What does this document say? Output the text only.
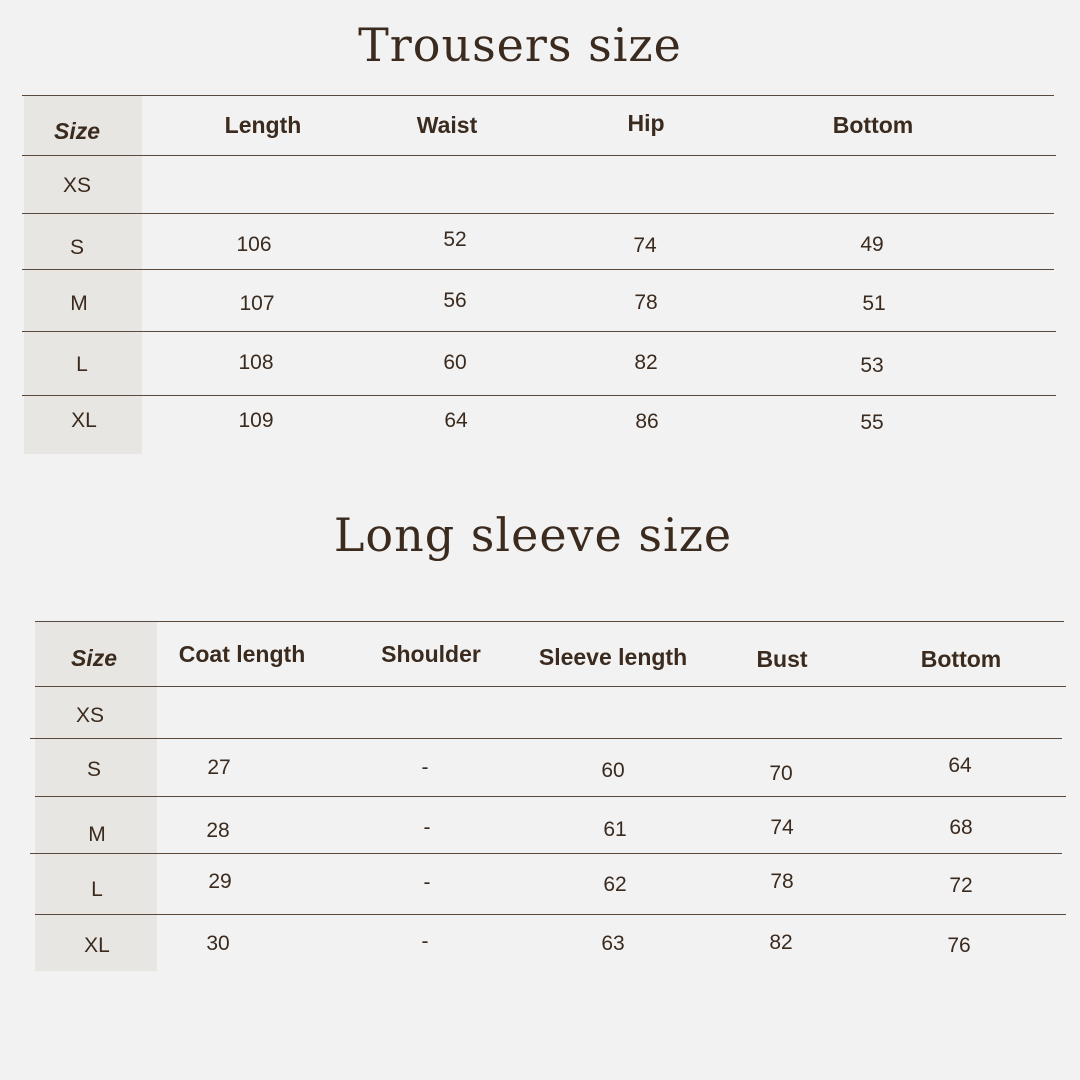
Trousers size
Size	Length	Waist	Hip	Bottom
XS
S	106	52	74	49
M	107	56	78	51
L	108	60	82	53
XL	109	64	86	55
Long sleeve size
Size	Coat length	Shoulder	Sleeve length	Bust	Bottom
XS
S	27	-	60	70	64
M	28	-	61	74	68
L	29	-	62	78	72
XL	30	-	63	82	76
